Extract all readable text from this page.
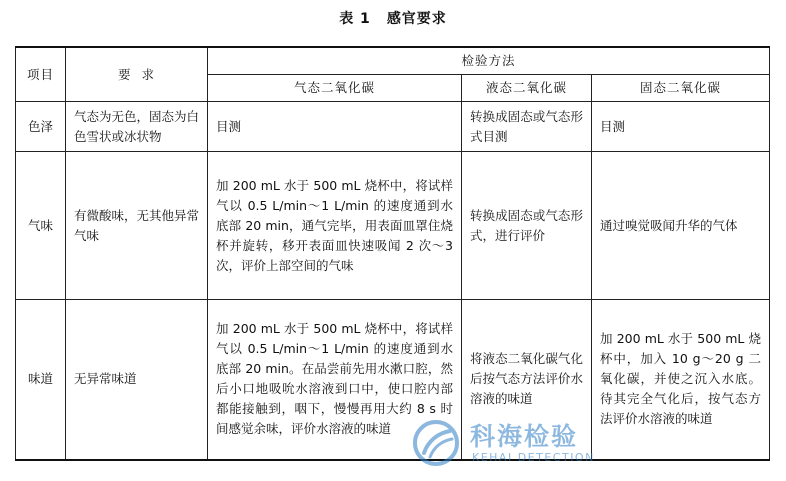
表 1 感官要求
项目	要  求	检验方法		
		气态二氧化碳	液态二氧化碳	固态二氧化碳
色泽	气态为无色，固态为白色雪状或冰状物	目测	转换成固态或气态形式目测	目测
气味	有微酸味，无其他异常气味	加 200 mL 水于 500 mL 烧杯中，将试样气以 0.5 L/min～1 L/min 的速度通到水底部 20 min，通气完毕，用表面皿罩住烧杯并旋转，移开表面皿快速吸闻 2 次～3 次，评价上部空间的气味	转换成固态或气态形式，进行评价	通过嗅觉吸闻升华的气体
味道	无异常味道	加 200 mL 水于 500 mL 烧杯中，将试样气以 0.5 L/min～1 L/min 的速度通到水底部 20 min。在品尝前先用水漱口腔，然后小口地吸吮水溶液到口中，使口腔内部都能接触到，咽下，慢慢再用大约 8 s 时间感觉余味，评价水溶液的味道	将液态二氧化碳气化后按气态方法评价水溶液的味道	加 200 mL 水于 500 mL 烧杯中，加入 10 g～20 g 二氧化碳，并使之沉入水底。待其完全气化后，按气态方法评价水溶液的味道
科海检验
KEHAI DETECTION
